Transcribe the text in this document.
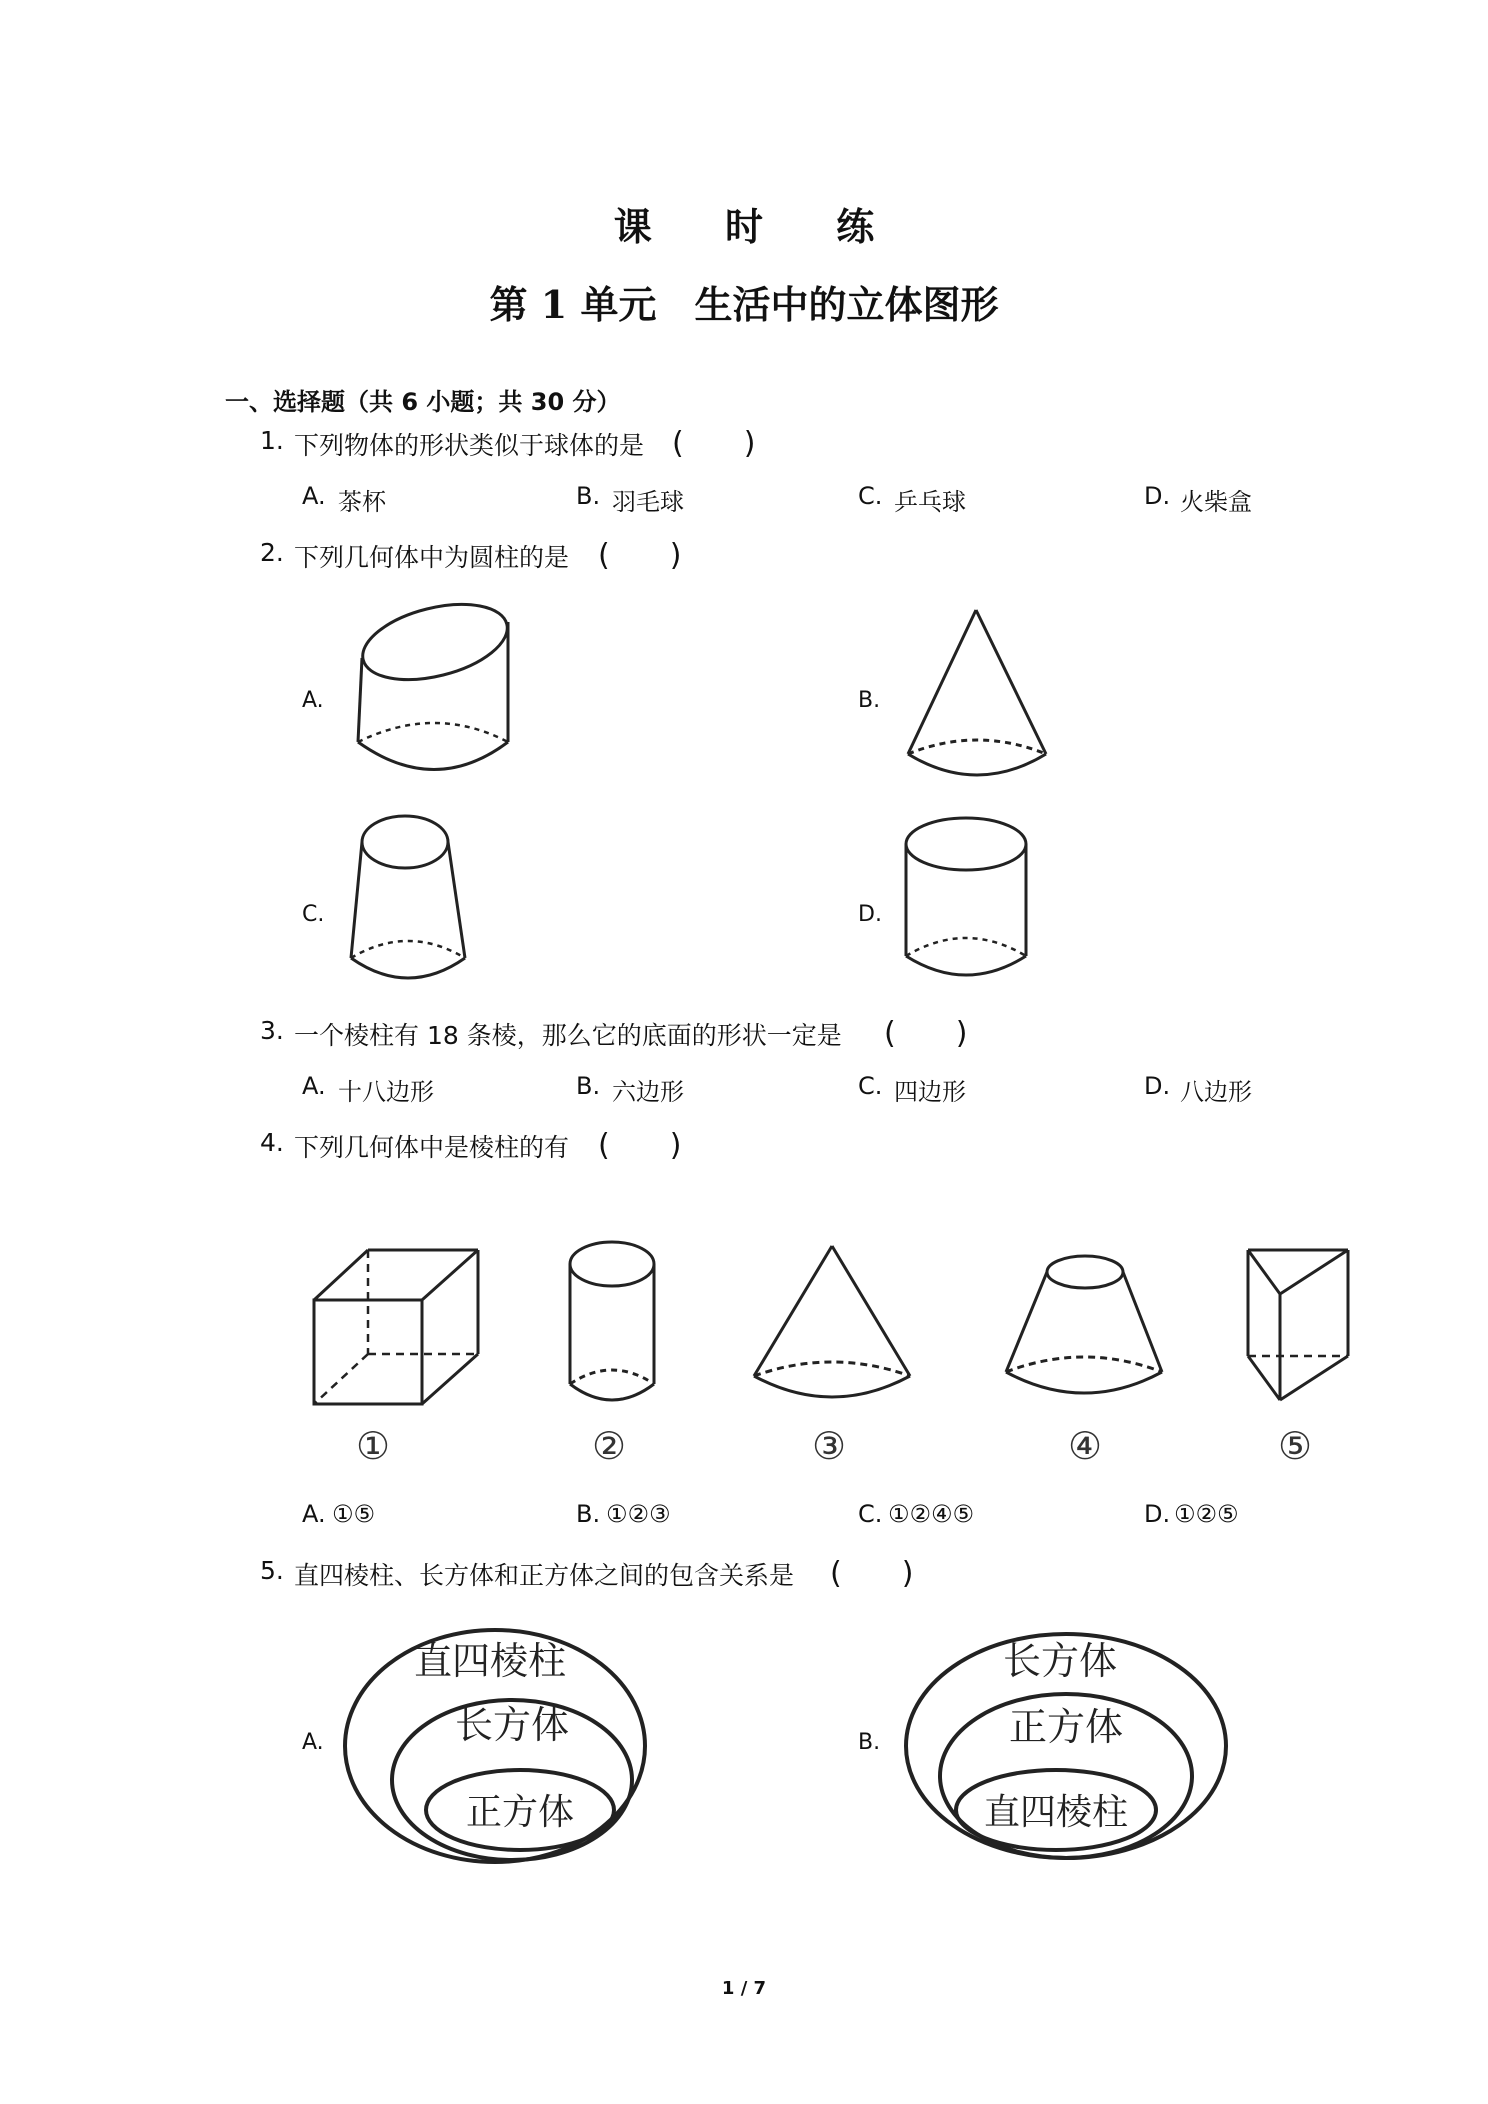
课 时 练
第 1 单元　生活中的立体图形
一、选择题（共 6 小题；共 30 分）
1. 下列物体的形状类似于球体的是 (　　)
A. 茶杯	B. 羽毛球	C. 乒乓球	D. 火柴盒
2. 下列几何体中为圆柱的是 (　　)
A.	B.
C.	D.
3. 一个棱柱有 18 条棱，那么它的底面的形状一定是 (　　)
A. 十八边形	B. 六边形	C. 四边形	D. 八边形
4. 下列几何体中是棱柱的有 (　　)
①	②	③	④	⑤
A. ①⑤	B. ①②③	C. ①②④⑤	D. ①②⑤
5. 直四棱柱、长方体和正方体之间的包含关系是 (　　)
A.	B.
直四棱柱
长方体
正方体
长方体
正方体
直四棱柱
1 / 7
